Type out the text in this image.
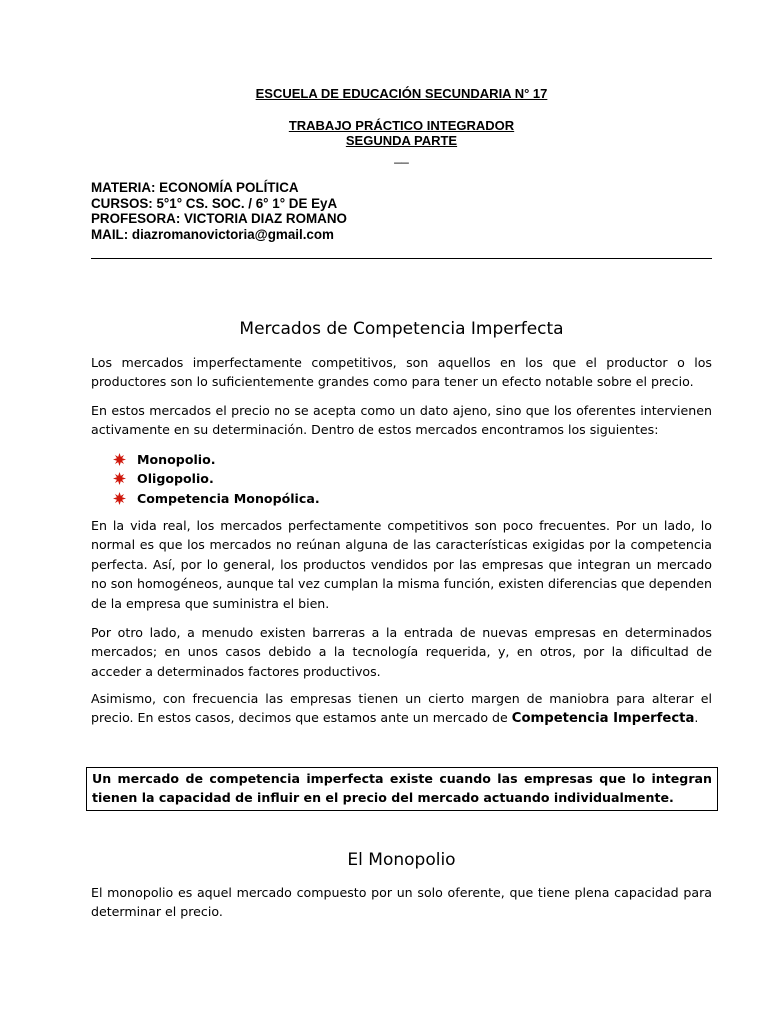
ESCUELA DE EDUCACIÓN SECUNDARIA N° 17
TRABAJO PRÁCTICO INTEGRADOR
SEGUNDA PARTE
__
MATERIA: ECONOMÍA POLÍTICA
CURSOS: 5°1° CS. SOC. / 6° 1° DE EyA
PROFESORA: VICTORIA DIAZ ROMANO
MAIL: diazromanovictoria@gmail.com
Mercados de Competencia Imperfecta

Los mercados imperfectamente competitivos, son aquellos en los que el productor o los productores son lo suficientemente grandes como para tener un efecto notable sobre el precio.

En estos mercados el precio no se acepta como un dato ajeno, sino que los oferentes intervienen activamente en su determinación. Dentro de estos mercados encontramos los siguientes:

Monopolio.
Oligopolio.
Competencia Monopólica.

En la vida real, los mercados perfectamente competitivos son poco frecuentes. Por un lado, lo normal es que los mercados no reúnan alguna de las características exigidas por la competencia perfecta. Así, por lo general, los productos vendidos por las empresas que integran un mercado no son homogéneos, aunque tal vez cumplan la misma función, existen diferencias que dependen de la empresa que suministra el bien.

Por otro lado, a menudo existen barreras a la entrada de nuevas empresas en determinados mercados; en unos casos debido a la tecnología requerida, y, en otros, por la dificultad de acceder a determinados factores productivos.

Asimismo, con frecuencia las empresas tienen un cierto margen de maniobra para alterar el precio. En estos casos, decimos que estamos ante un mercado de Competencia Imperfecta.

Un mercado de competencia imperfecta existe cuando las empresas que lo integran tienen la capacidad de influir en el precio del mercado actuando individualmente.
El Monopolio

El monopolio es aquel mercado compuesto por un solo oferente, que tiene plena capacidad para determinar el precio.
